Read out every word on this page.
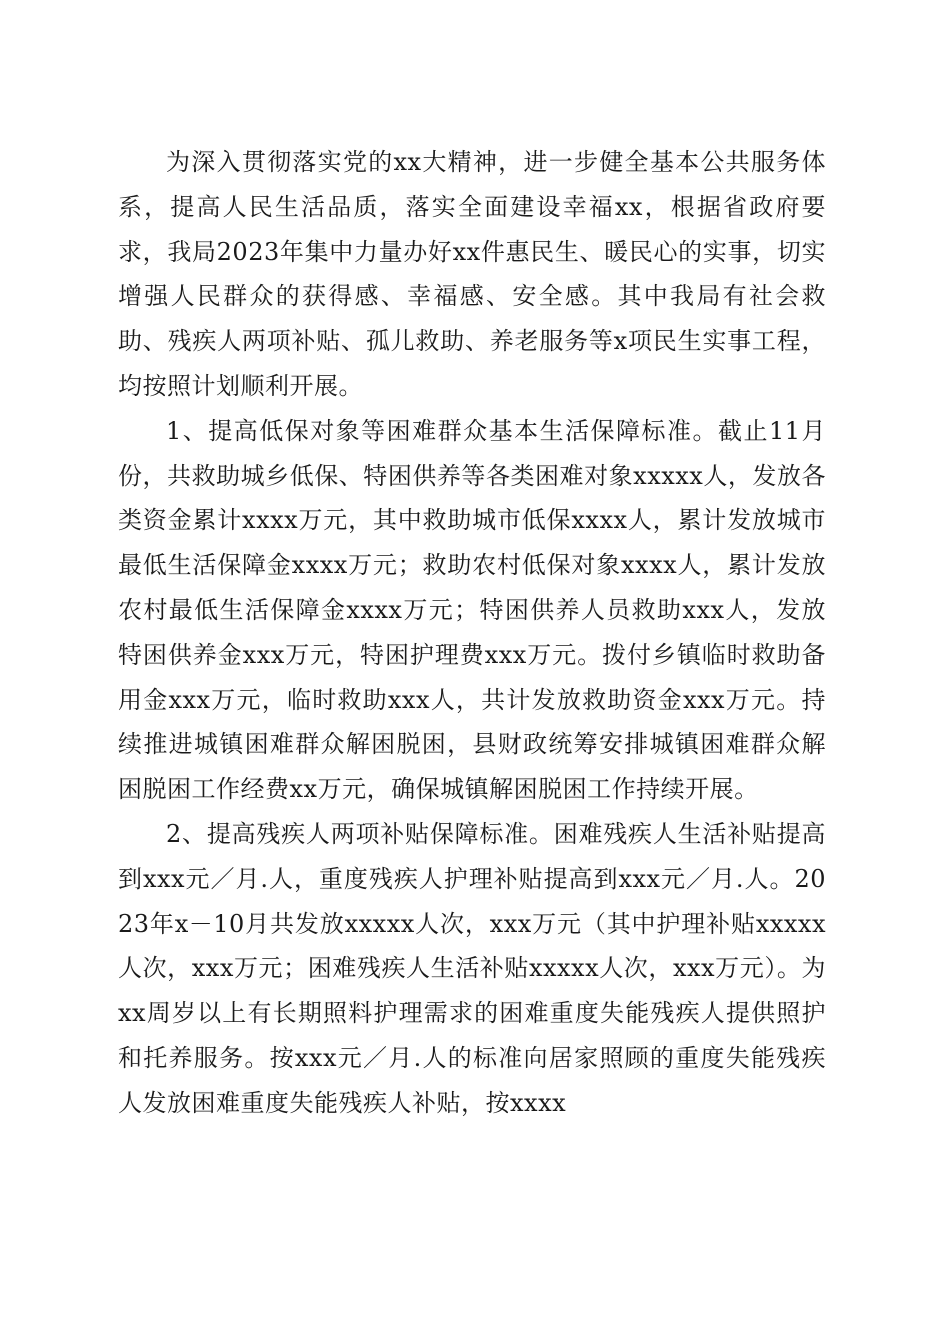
为深入贯彻落实党的xx大精神，进一步健全基本公共服务体系，提高人民生活品质，落实全面建设幸福xx，根据省政府要求，我局2023年集中力量办好xx件惠民生、暖民心的实事，切实增强人民群众的获得感、幸福感、安全感。其中我局有社会救助、残疾人两项补贴、孤儿救助、养老服务等x项民生实事工程，均按照计划顺利开展。

1、提高低保对象等困难群众基本生活保障标准。截止11月份，共救助城乡低保、特困供养等各类困难对象xxxxx人，发放各类资金累计xxxx万元，其中救助城市低保xxxx人，累计发放城市最低生活保障金xxxx万元；救助农村低保对象xxxx人，累计发放农村最低生活保障金xxxx万元；特困供养人员救助xxx人，发放特困供养金xxx万元，特困护理费xxx万元。拨付乡镇临时救助备用金xxx万元，临时救助xxx人，共计发放救助资金xxx万元。持续推进城镇困难群众解困脱困，县财政统筹安排城镇困难群众解困脱困工作经费xx万元，确保城镇解困脱困工作持续开展。

2、提高残疾人两项补贴保障标准。困难残疾人生活补贴提高到xxx元／月.人，重度残疾人护理补贴提高到xxx元／月.人。2023年x－10月共发放xxxxx人次，xxx万元（其中护理补贴xxxxx人次，xxx万元；困难残疾人生活补贴xxxxx人次，xxx万元）。为xx周岁以上有长期照料护理需求的困难重度失能残疾人提供照护和托养服务。按xxx元／月.人的标准向居家照顾的重度失能残疾人发放困难重度失能残疾人补贴，按xxxx
